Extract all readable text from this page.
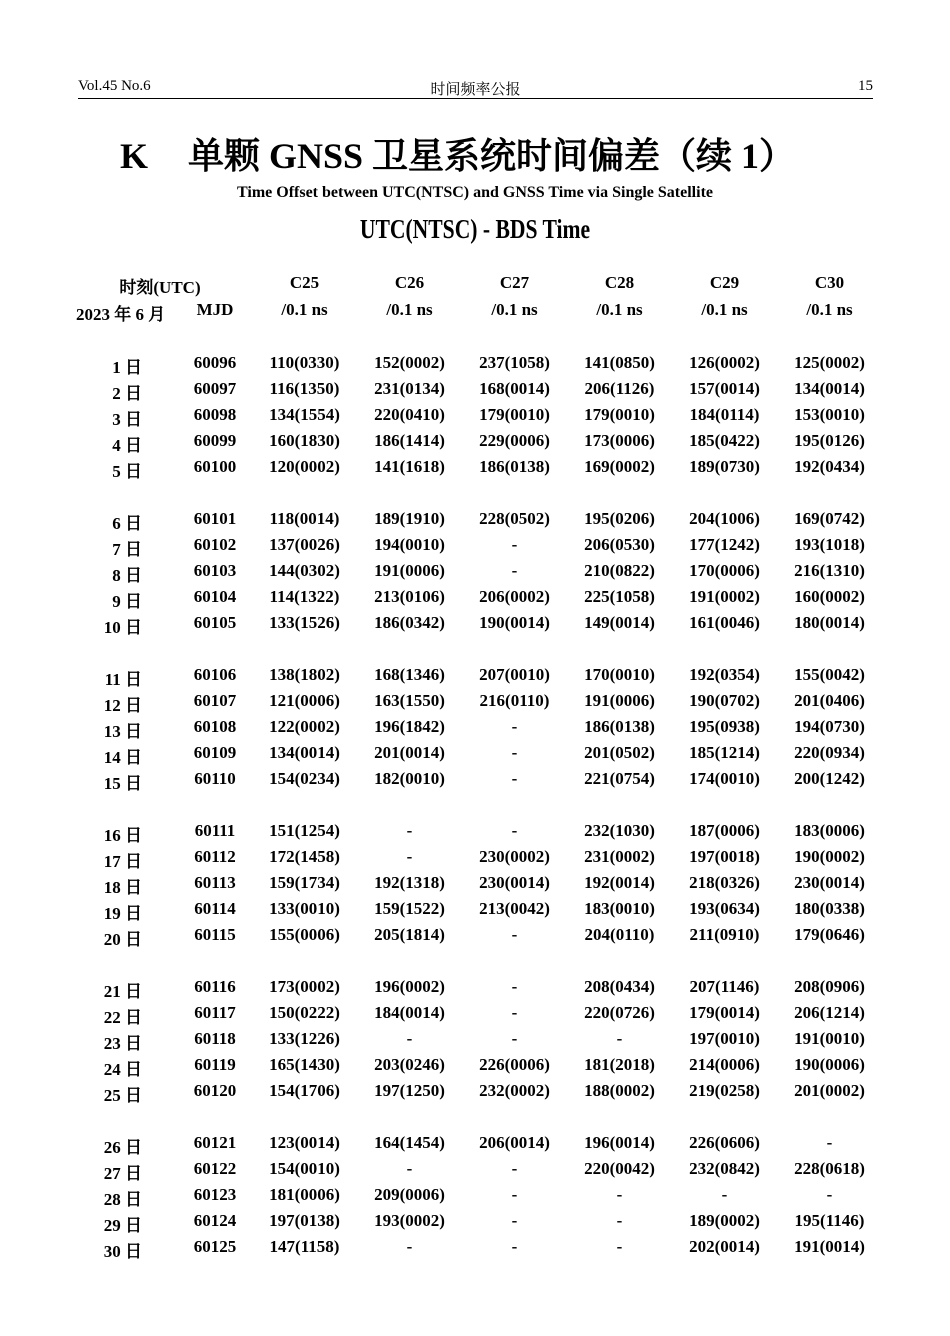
Vol.45 No.6	时间频率公报	15
K 单颗 GNSS 卫星系统时间偏差（续 1）
Time Offset between UTC(NTSC) and GNSS Time via Single Satellite
UTC(NTSC) - BDS Time
时刻(UTC)	C25	C26	C27	C28	C29	C30
2023 年 6 月	MJD	/0.1 ns	/0.1 ns	/0.1 ns	/0.1 ns	/0.1 ns	/0.1 ns
1 日	60096	110(0330)	152(0002)	237(1058)	141(0850)	126(0002)	125(0002)
2 日	60097	116(1350)	231(0134)	168(0014)	206(1126)	157(0014)	134(0014)
3 日	60098	134(1554)	220(0410)	179(0010)	179(0010)	184(0114)	153(0010)
4 日	60099	160(1830)	186(1414)	229(0006)	173(0006)	185(0422)	195(0126)
5 日	60100	120(0002)	141(1618)	186(0138)	169(0002)	189(0730)	192(0434)
6 日	60101	118(0014)	189(1910)	228(0502)	195(0206)	204(1006)	169(0742)
7 日	60102	137(0026)	194(0010)	-	206(0530)	177(1242)	193(1018)
8 日	60103	144(0302)	191(0006)	-	210(0822)	170(0006)	216(1310)
9 日	60104	114(1322)	213(0106)	206(0002)	225(1058)	191(0002)	160(0002)
10 日	60105	133(1526)	186(0342)	190(0014)	149(0014)	161(0046)	180(0014)
11 日	60106	138(1802)	168(1346)	207(0010)	170(0010)	192(0354)	155(0042)
12 日	60107	121(0006)	163(1550)	216(0110)	191(0006)	190(0702)	201(0406)
13 日	60108	122(0002)	196(1842)	-	186(0138)	195(0938)	194(0730)
14 日	60109	134(0014)	201(0014)	-	201(0502)	185(1214)	220(0934)
15 日	60110	154(0234)	182(0010)	-	221(0754)	174(0010)	200(1242)
16 日	60111	151(1254)	-	-	232(1030)	187(0006)	183(0006)
17 日	60112	172(1458)	-	230(0002)	231(0002)	197(0018)	190(0002)
18 日	60113	159(1734)	192(1318)	230(0014)	192(0014)	218(0326)	230(0014)
19 日	60114	133(0010)	159(1522)	213(0042)	183(0010)	193(0634)	180(0338)
20 日	60115	155(0006)	205(1814)	-	204(0110)	211(0910)	179(0646)
21 日	60116	173(0002)	196(0002)	-	208(0434)	207(1146)	208(0906)
22 日	60117	150(0222)	184(0014)	-	220(0726)	179(0014)	206(1214)
23 日	60118	133(1226)	-	-	-	197(0010)	191(0010)
24 日	60119	165(1430)	203(0246)	226(0006)	181(2018)	214(0006)	190(0006)
25 日	60120	154(1706)	197(1250)	232(0002)	188(0002)	219(0258)	201(0002)
26 日	60121	123(0014)	164(1454)	206(0014)	196(0014)	226(0606)	-
27 日	60122	154(0010)	-	-	220(0042)	232(0842)	228(0618)
28 日	60123	181(0006)	209(0006)	-	-	-	-
29 日	60124	197(0138)	193(0002)	-	-	189(0002)	195(1146)
30 日	60125	147(1158)	-	-	-	202(0014)	191(0014)
